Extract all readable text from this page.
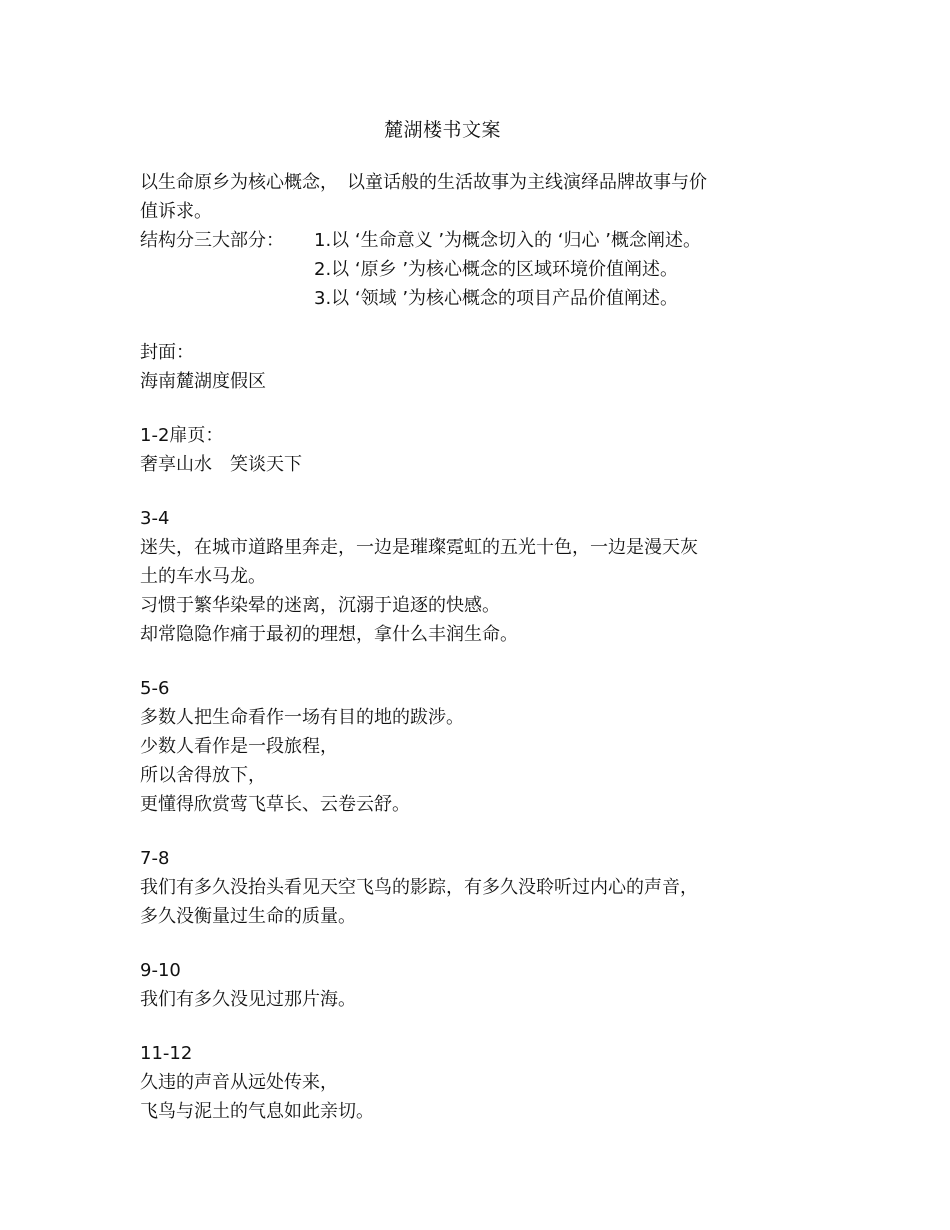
麓湖楼书文案
以生命原乡为核心概念，　以童话般的生活故事为主线演绎品牌故事与价
值诉求。
结构分三大部分：	1.以 ‘生命意义 ’为概念切入的 ‘归心 ’概念阐述。
2.以 ‘原乡 ’为核心概念的区域环境价值阐述。
3.以 ‘领域 ’为核心概念的项目产品价值阐述。
封面：
海南麓湖度假区
1-2扉页：
奢享山水　笑谈天下
3-4
迷失，在城市道路里奔走，一边是璀璨霓虹的五光十色，一边是漫天灰
土的车水马龙。
习惯于繁华染晕的迷离，沉溺于追逐的快感。
却常隐隐作痛于最初的理想，拿什么丰润生命。
5-6
多数人把生命看作一场有目的地的跋涉。
少数人看作是一段旅程，
所以舍得放下，
更懂得欣赏莺飞草长、云卷云舒。
7-8
我们有多久没抬头看见天空飞鸟的影踪，有多久没聆听过内心的声音，
多久没衡量过生命的质量。
9-10
我们有多久没见过那片海。
11-12
久违的声音从远处传来，
飞鸟与泥土的气息如此亲切。
